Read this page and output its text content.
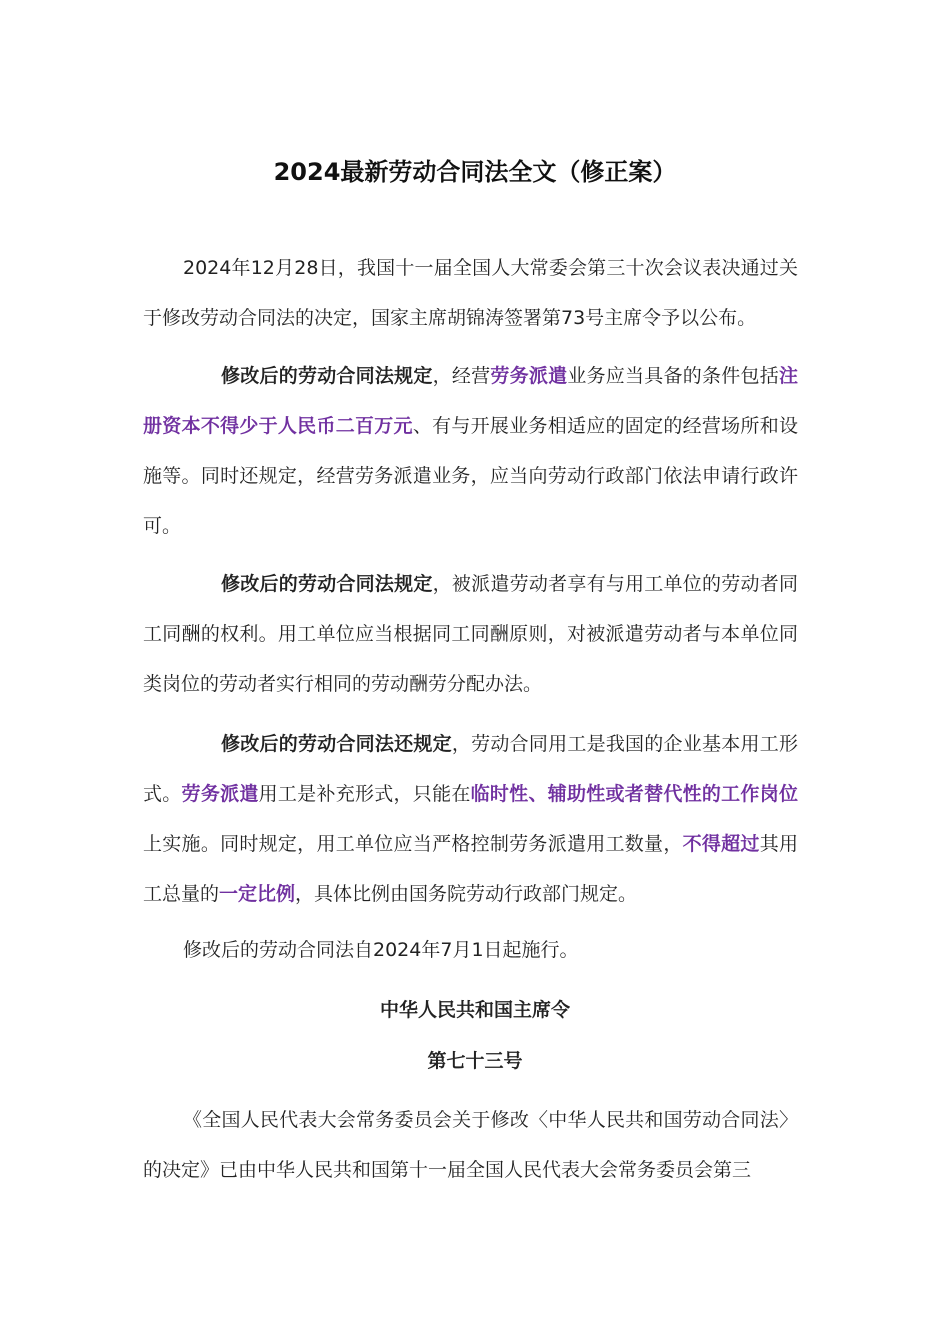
2024最新劳动合同法全文（修正案）

2024年12月28日，我国十一届全国人大常委会第三十次会议表决通过关于修改劳动合同法的决定，国家主席胡锦涛签署第73号主席令予以公布。

修改后的劳动合同法规定，经营劳务派遣业务应当具备的条件包括注册资本不得少于人民币二百万元、有与开展业务相适应的固定的经营场所和设施等。同时还规定，经营劳务派遣业务，应当向劳动行政部门依法申请行政许可。

修改后的劳动合同法规定，被派遣劳动者享有与用工单位的劳动者同工同酬的权利。用工单位应当根据同工同酬原则，对被派遣劳动者与本单位同类岗位的劳动者实行相同的劳动酬劳分配办法。

修改后的劳动合同法还规定，劳动合同用工是我国的企业基本用工形式。劳务派遣用工是补充形式，只能在临时性、辅助性或者替代性的工作岗位上实施。同时规定，用工单位应当严格控制劳务派遣用工数量，不得超过其用工总量的一定比例，具体比例由国务院劳动行政部门规定。

修改后的劳动合同法自2024年7月1日起施行。

中华人民共和国主席令
第七十三号

《全国人民代表大会常务委员会关于修改〈中华人民共和国劳动合同法〉的决定》已由中华人民共和国第十一届全国人民代表大会常务委员会第三
